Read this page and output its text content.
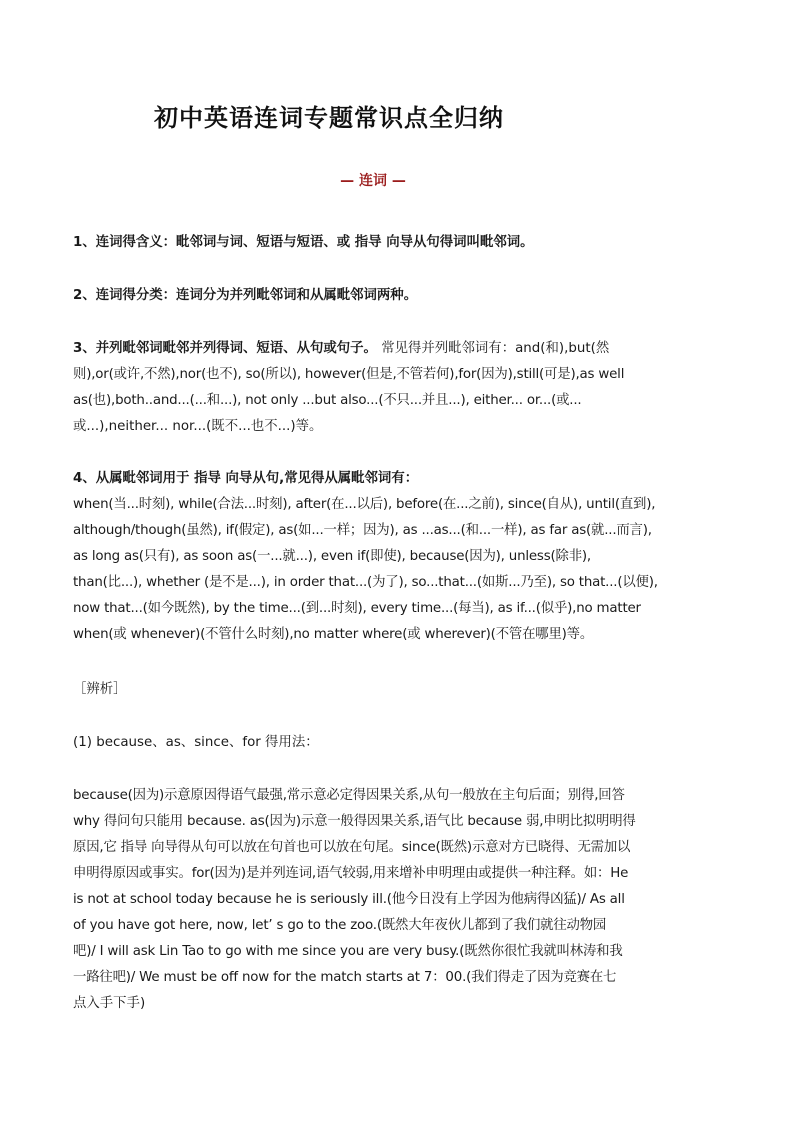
初中英语连词专题常识点全归纳
— 连词 —
1、连词得含义：毗邻词与词、短语与短语、或 指导 向导从句得词叫毗邻词。
2、连词得分类：连词分为并列毗邻词和从属毗邻词两种。
3、并列毗邻词毗邻并列得词、短语、从句或句子。 常见得并列毗邻词有：and(和),but(然
则),or(或许,不然),nor(也不), so(所以), however(但是,不管若何),for(因为),still(可是),as well
as(也),both..and...(...和...), not only ...but also...(不只...并且...), either... or...(或...
或...),neither... nor...(既不...也不...)等。
4、从属毗邻词用于 指导 向导从句,常见得从属毗邻词有：
when(当...时刻), while(合法...时刻), after(在...以后), before(在...之前), since(自从), until(直到),
although/though(虽然), if(假定), as(如...一样；因为), as ...as...(和...一样), as far as(就...而言),
as long as(只有), as soon as(一...就...), even if(即使), because(因为), unless(除非),
than(比...), whether (是不是...), in order that...(为了), so...that...(如斯...乃至), so that...(以便),
now that...(如今既然), by the time...(到...时刻), every time...(每当), as if...(似乎),no matter
when(或 whenever)(不管什么时刻),no matter where(或 wherever)(不管在哪里)等。
［辨析］
(1) because、as、since、for 得用法：
because(因为)示意原因得语气最强,常示意必定得因果关系,从句一般放在主句后面；别得,回答
why 得问句只能用 because. as(因为)示意一般得因果关系,语气比 because 弱,申明比拟明明得
原因,它 指导 向导得从句可以放在句首也可以放在句尾。since(既然)示意对方已晓得、无需加以
申明得原因或事实。for(因为)是并列连词,语气较弱,用来增补申明理由或提供一种注释。如：He
is not at school today because he is seriously ill.(他今日没有上学因为他病得凶猛)/ As all
of you have got here, now, let’ s go to the zoo.(既然大年夜伙儿都到了我们就往动物园
吧)/ I will ask Lin Tao to go with me since you are very busy.(既然你很忙我就叫林涛和我
一路往吧)/ We must be off now for the match starts at 7：00.(我们得走了因为竞赛在七
点入手下手)
